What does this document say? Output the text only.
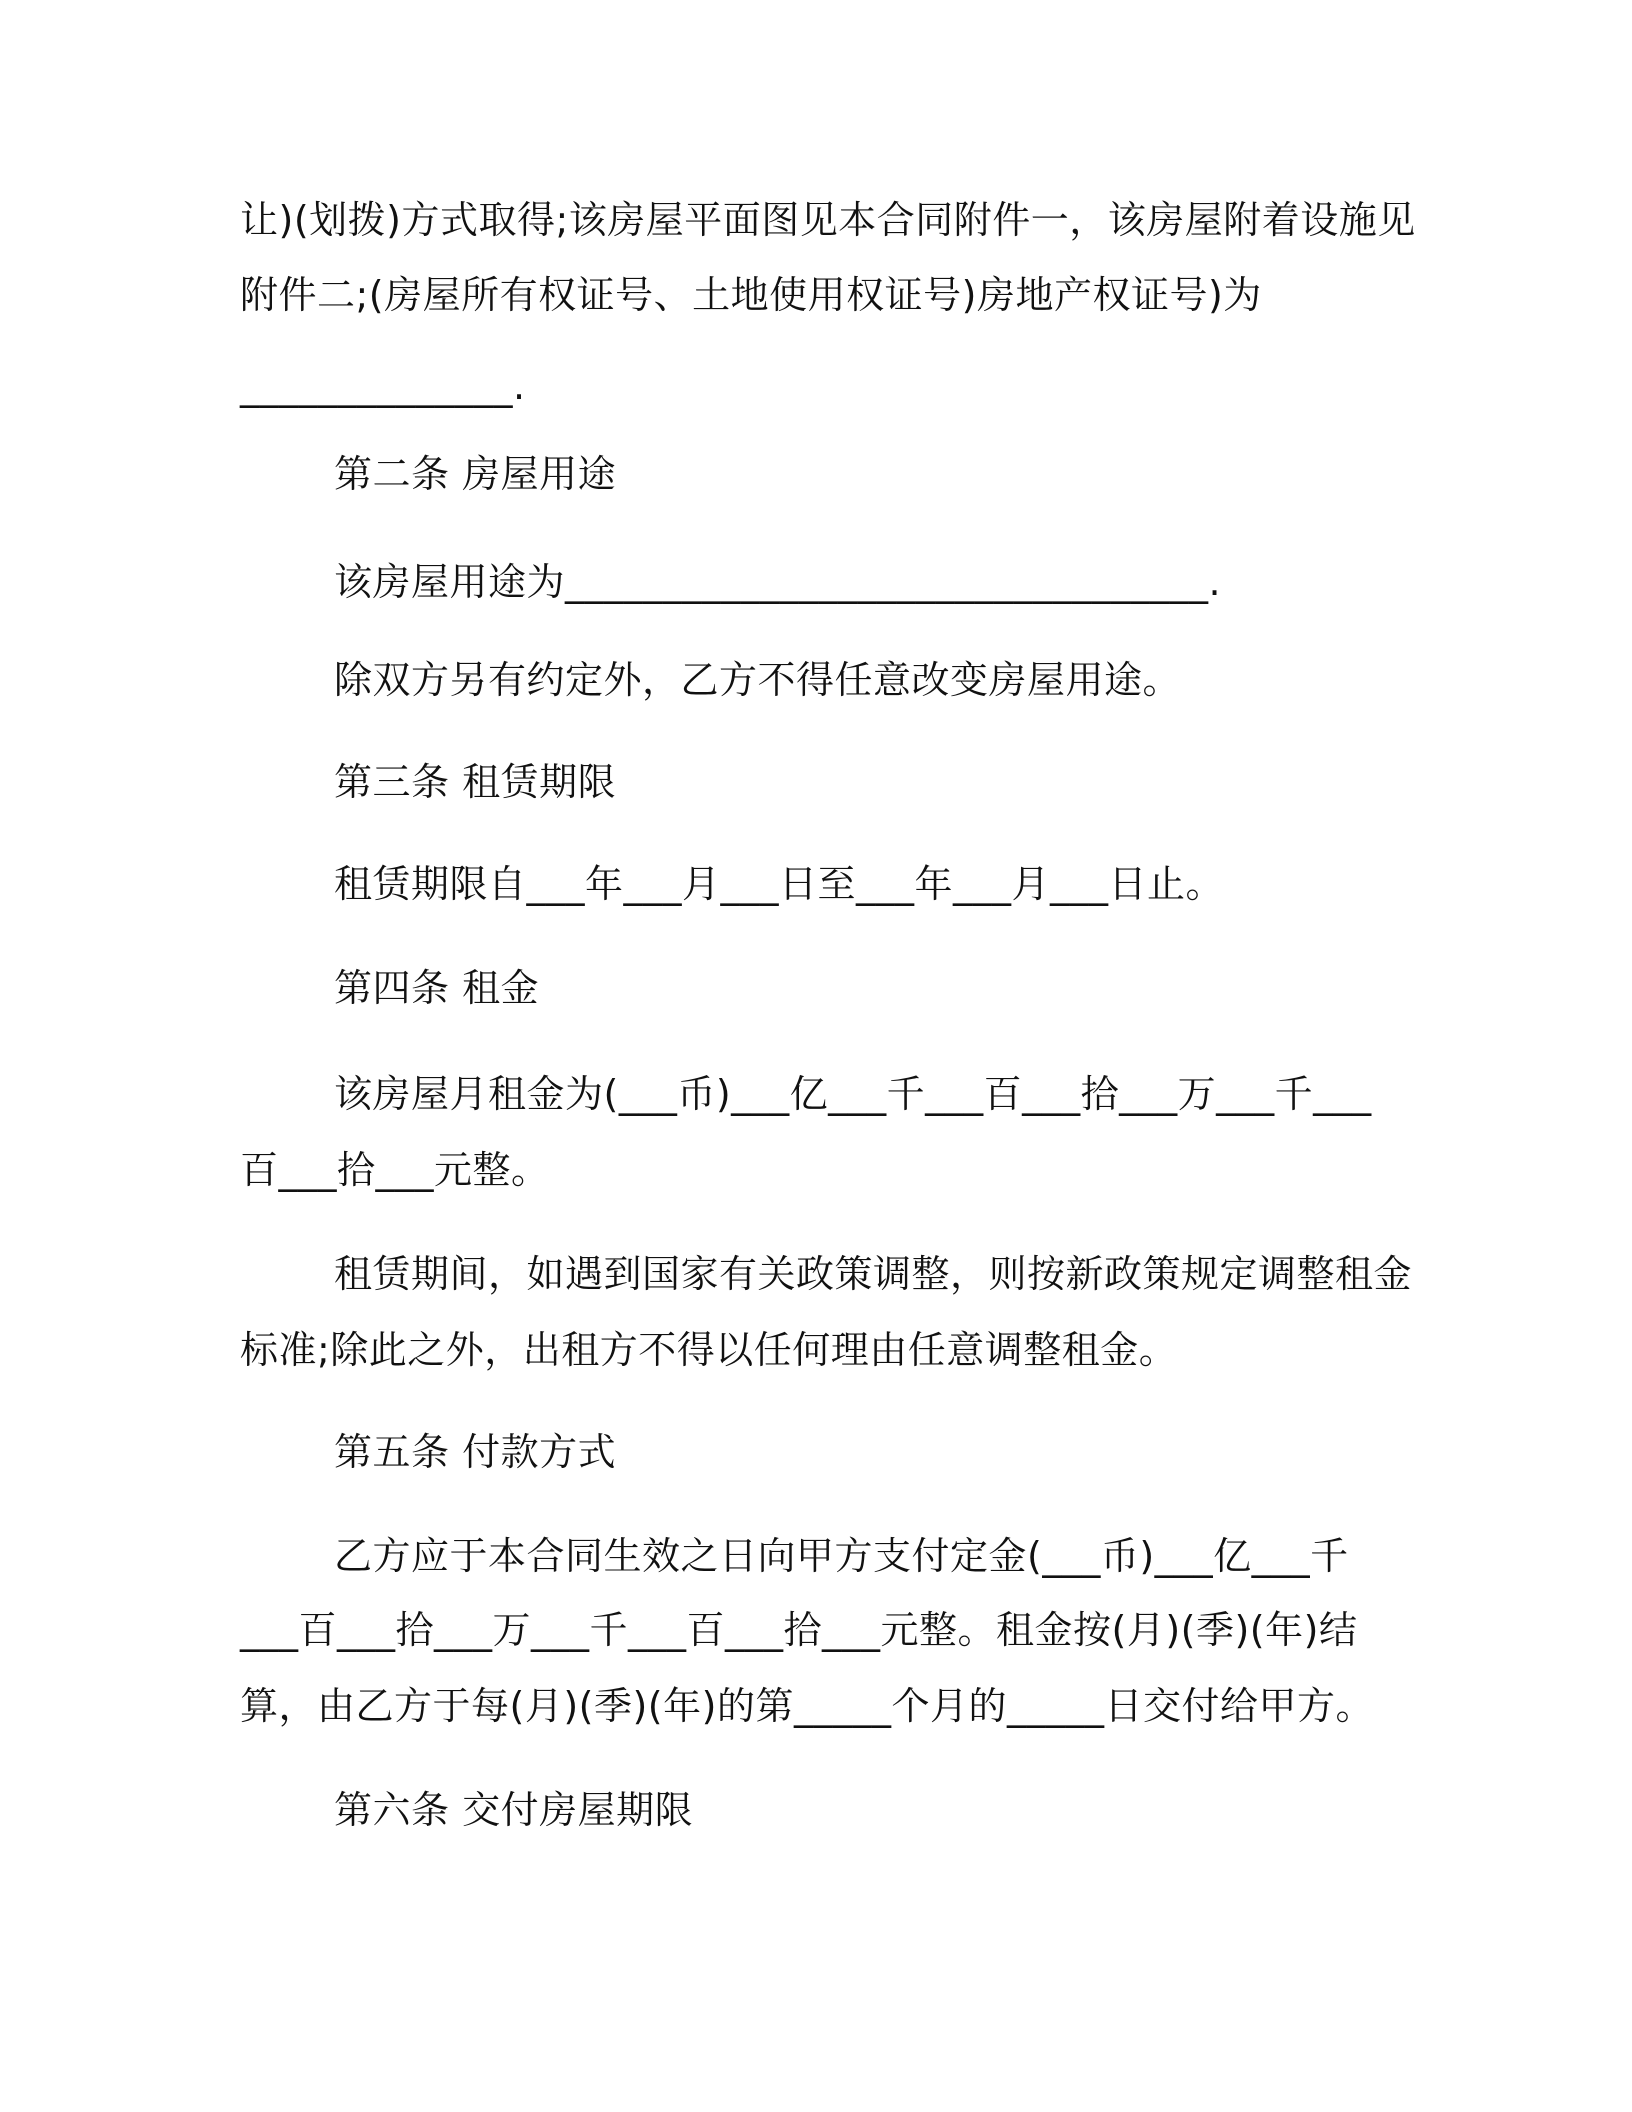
让)(划拨)方式取得;该房屋平面图见本合同附件一，该房屋附着设施见
附件二;(房屋所有权证号、土地使用权证号)房地产权证号)为
______________.
第二条 房屋用途
该房屋用途为_________________________________.
除双方另有约定外，乙方不得任意改变房屋用途。
第三条 租赁期限
租赁期限自___年___月___日至___年___月___日止。
第四条 租金
该房屋月租金为(___币)___亿___千___百___拾___万___千___
百___拾___元整。
租赁期间，如遇到国家有关政策调整，则按新政策规定调整租金
标准;除此之外，出租方不得以任何理由任意调整租金。
第五条 付款方式
乙方应于本合同生效之日向甲方支付定金(___币)___亿___千
___百___拾___万___千___百___拾___元整。租金按(月)(季)(年)结
算，由乙方于每(月)(季)(年)的第_____个月的_____日交付给甲方。
第六条 交付房屋期限
